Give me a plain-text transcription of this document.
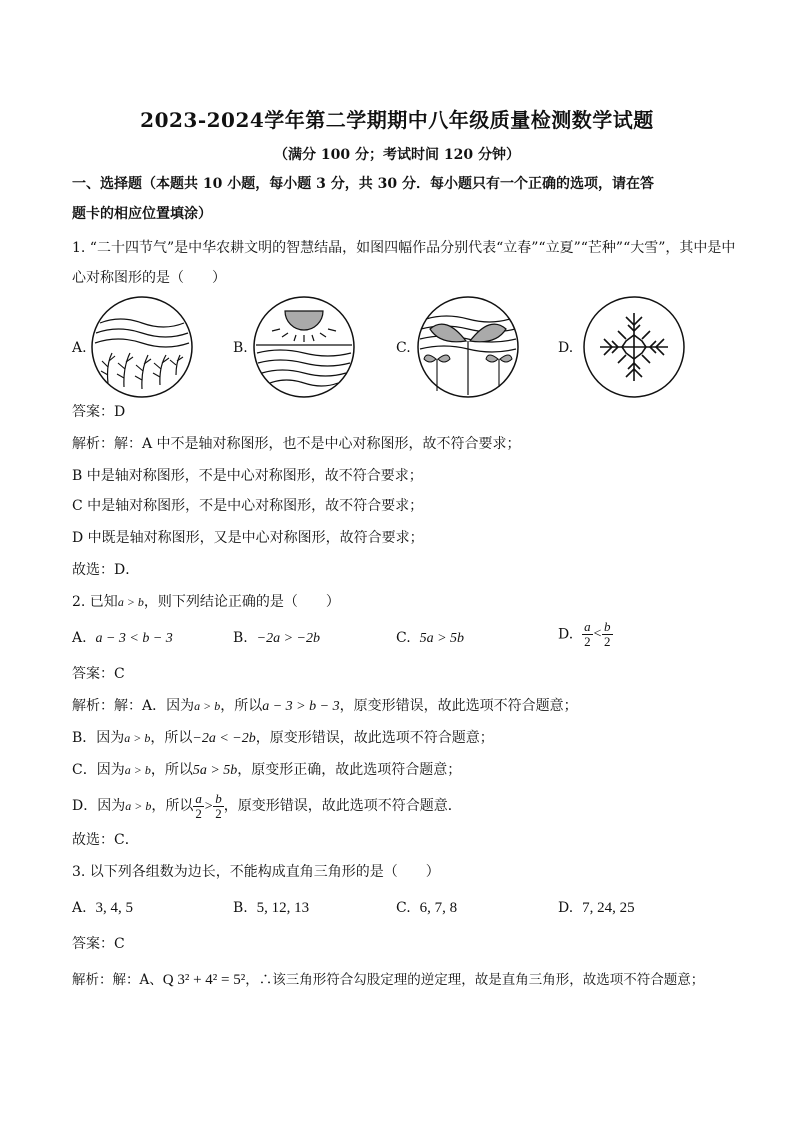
2023-2024学年第二学期期中八年级质量检测数学试题
（满分 100 分；考试时间 120 分钟）
一、选择题（本题共 10 小题，每小题 3 分，共 30 分．每小题只有一个正确的选项，请在答
题卡的相应位置填涂）
1. “二十四节气”是中华农耕文明的智慧结晶，如图四幅作品分别代表“立春”“立夏”“芒种”“大雪”，其中是中
心对称图形的是（　　）
A.	B.	C.	D.
答案：D
解析：解：A 中不是轴对称图形，也不是中心对称图形，故不符合要求；
B 中是轴对称图形，不是中心对称图形，故不符合要求；
C 中是轴对称图形，不是中心对称图形，故不符合要求；
D 中既是轴对称图形，又是中心对称图形，故符合要求；
故选：D．
2. 已知a > b，则下列结论正确的是（　　）
A. a − 3 < b − 3	B. −2a > −2b	C. 5a > 5b	D. $\frac{a}{2} < \frac{b}{2}$
答案：C
解析：解：A．因为a > b，所以a − 3 > b − 3，原变形错误，故此选项不符合题意；
B．因为a > b，所以−2a < −2b，原变形错误，故此选项不符合题意；
C．因为a > b，所以5a > 5b，原变形正确，故此选项符合题意；
D．因为a > b，所以 $\frac{a}{2} > \frac{b}{2}$ ，原变形错误，故此选项不符合题意．
故选：C．
3. 以下列各组数为边长，不能构成直角三角形的是（　　）
A. 3, 4, 5	B. 5, 12, 13	C. 6, 7, 8	D. 7, 24, 25
答案：C
解析：解：A、Q 3² + 4² = 5²，∴该三角形符合勾股定理的逆定理，故是直角三角形，故选项不符合题意；
